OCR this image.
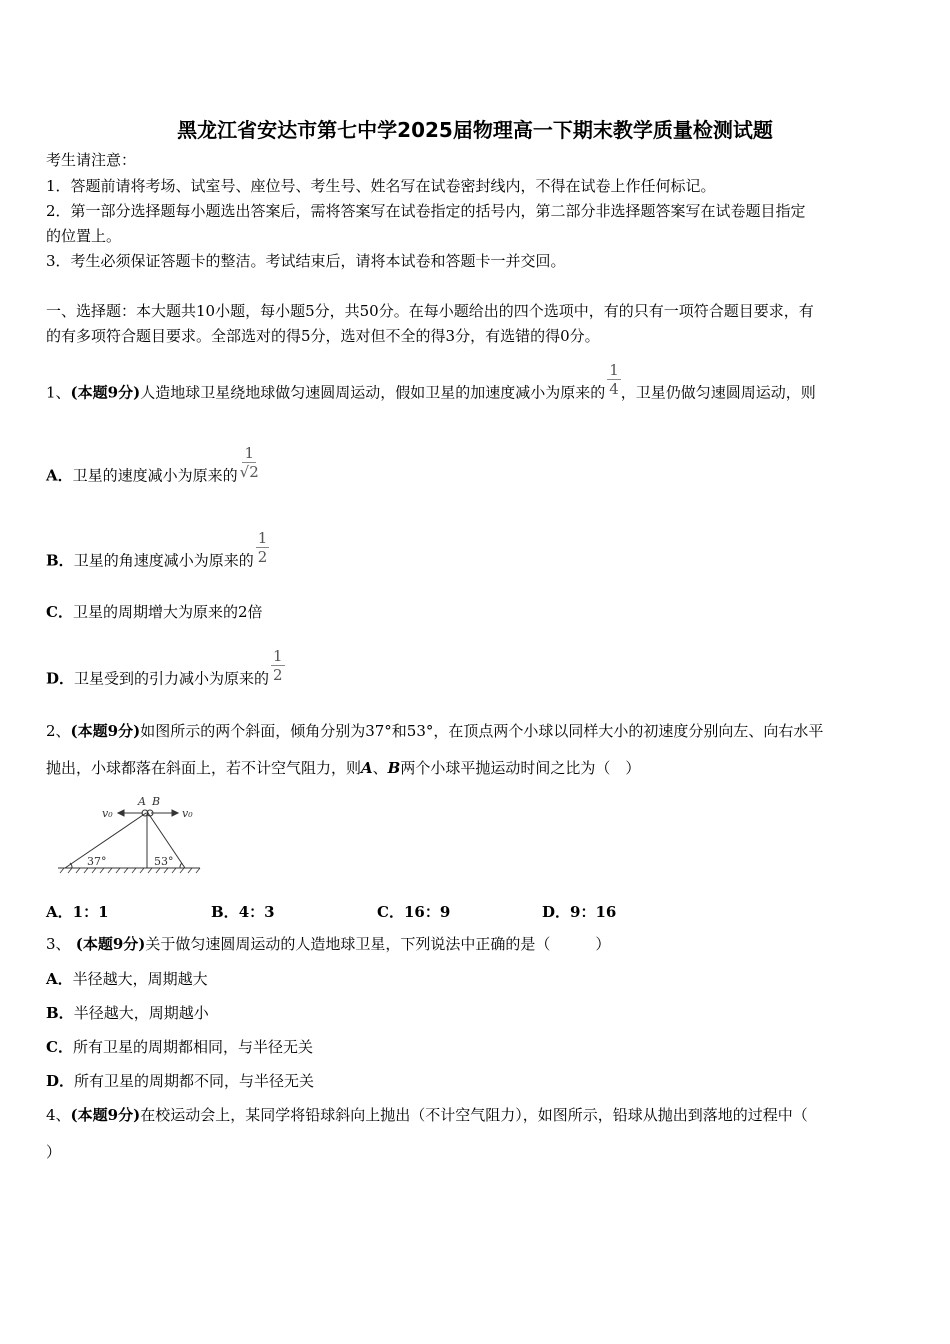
黑龙江省安达市第七中学2025届物理高一下期末教学质量检测试题
考生请注意：
1．答题前请将考场、试室号、座位号、考生号、姓名写在试卷密封线内，不得在试卷上作任何标记。
2．第一部分选择题每小题选出答案后，需将答案写在试卷指定的括号内，第二部分非选择题答案写在试卷题目指定
的位置上。
3．考生必须保证答题卡的整洁。考试结束后，请将本试卷和答题卡一并交回。
一、选择题：本大题共10小题，每小题5分，共50分。在每小题给出的四个选项中，有的只有一项符合题目要求，有
的有多项符合题目要求。全部选对的得5分，选对但不全的得3分，有选错的得0分。
1、(本题9分)人造地球卫星绕地球做匀速圆周运动，假如卫星的加速度减小为原来的 $\frac{1}{4}$ ，卫星仍做匀速圆周运动，则
A．卫星的速度减小为原来的 $\frac{1}{√2}$
B．卫星的角速度减小为原来的 $\frac{1}{2}$
C．卫星的周期增大为原来的2倍
D．卫星受到的引力减小为原来的 $\frac{1}{2}$
2、(本题9分)如图所示的两个斜面，倾角分别为37°和53°，在顶点两个小球以同样大小的初速度分别向左、向右水平
抛出，小球都落在斜面上，若不计空气阻力，则A、B两个小球平抛运动时间之比为（　）
v₀	v₀
A B
37°	53°
A．1：1	B．4：3	C．16：9	D．9：16
3、 (本题9分)关于做匀速圆周运动的人造地球卫星，下列说法中正确的是（　　　）
A．半径越大，周期越大
B．半径越大，周期越小
C．所有卫星的周期都相同，与半径无关
D．所有卫星的周期都不同，与半径无关
4、(本题9分)在校运动会上，某同学将铅球斜向上抛出（不计空气阻力），如图所示，铅球从抛出到落地的过程中（
）
